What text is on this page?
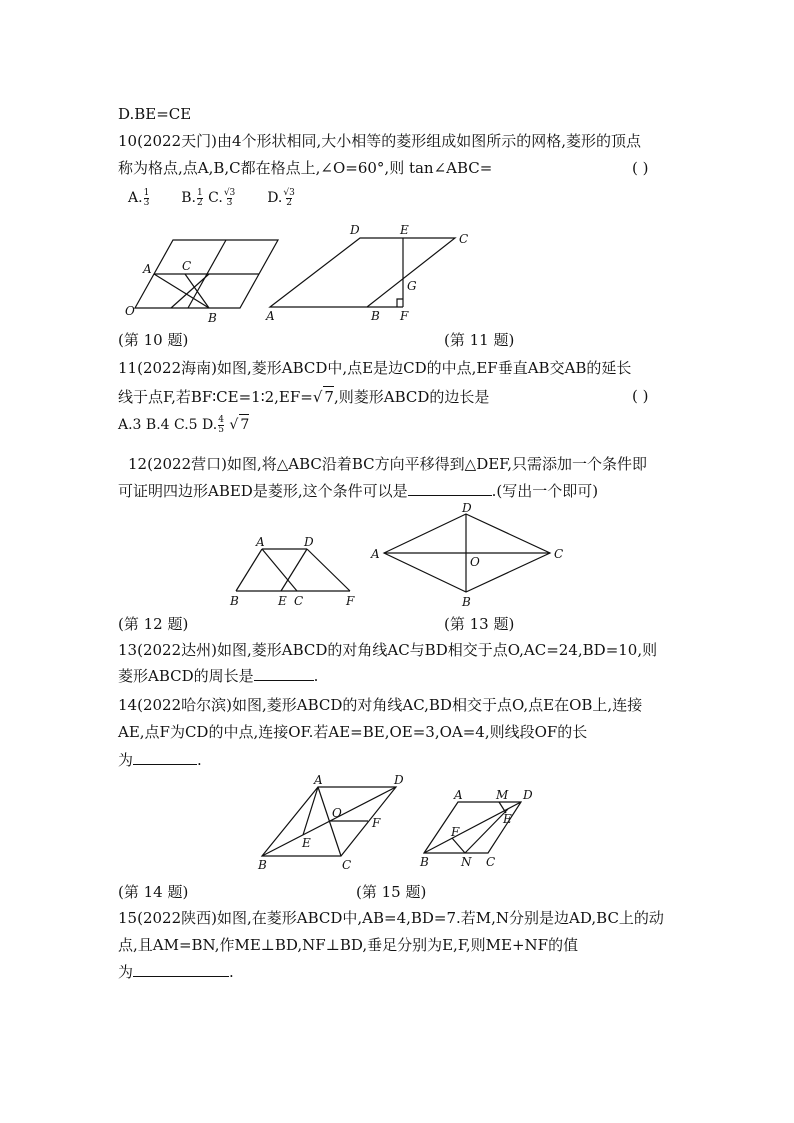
D.BE=CE
10(2022天门)由4个形状相同,大小相等的菱形组成如图所示的网格,菱形的顶点
称为格点,点A,B,C都在格点上,∠O=60°,则 tan∠ABC=	( )
A. $\frac{1}{3} B$. $\frac{1}{2} C$. $\frac{√3}{3} D$. $\frac{√3}{2}$
A	C
O	B
D	E
C
G
A	B F
A	D
B	E C	F
D
A
O
C
B
A	D
O
F
E
B	C
A	M D
E
F
B	N C
(第 10 题)	(第 11 题)
11(2022海南)如图,菱形ABCD中,点E是边CD的中点,EF垂直AB交AB的延长
线于点F,若BF∶CE=1∶2,EF=√ 7,则菱形ABCD的边长是	( )
A.3 B.4 C.5 D. $\frac{4}{5}$ √ 7
12(2022营口)如图,将△ABC沿着BC方向平移得到△DEF,只需添加一个条件即
可证明四边形ABED是菱形,这个条件可以是	.(写出一个即可)
(第 12 题)	(第 13 题)
13(2022达州)如图,菱形ABCD的对角线AC与BD相交于点O,AC=24,BD=10,则
菱形ABCD的周长是	.
14(2022哈尔滨)如图,菱形ABCD的对角线AC,BD相交于点O,点E在OB上,连接
AE,点F为CD的中点,连接OF.若AE=BE,OE=3,OA=4,则线段OF的长
为	.
(第 14 题)	(第 15 题)
15(2022陕西)如图,在菱形ABCD中,AB=4,BD=7.若M,N分别是边AD,BC上的动
点,且AM=BN,作ME⊥BD,NF⊥BD,垂足分别为E,F,则ME+NF的值
为	.
